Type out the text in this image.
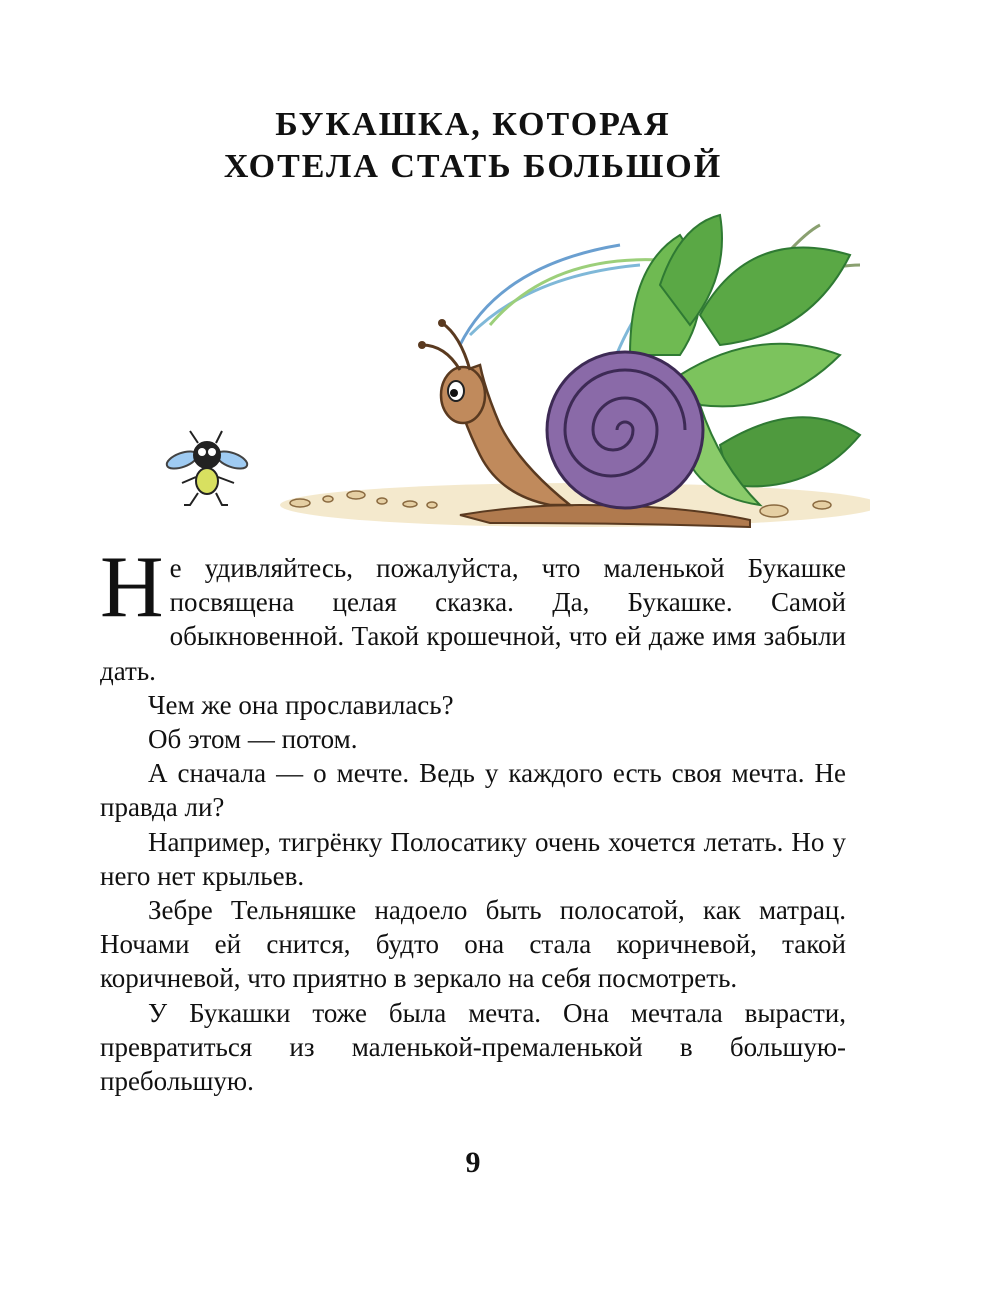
БУКАШКА, КОТОРАЯ
ХОТЕЛА СТАТЬ БОЛЬШОЙ

Не удивляйтесь, пожалуйста, что маленькой Букашке посвящена целая сказка. Да, Букашке. Самой обыкновенной. Такой крошечной, что ей даже имя забыли дать.

Чем же она прославилась?

Об этом — потом.

А сначала — о мечте. Ведь у каждого есть своя мечта. Не правда ли?

Например, тигрёнку Полосатику очень хочется летать. Но у него нет крыльев.

Зебре Тельняшке надоело быть полосатой, как матрац. Ночами ей снится, будто она стала коричневой, такой коричневой, что приятно в зеркало на себя посмотреть.

У Букашки тоже была мечта. Она мечтала вырасти, превратиться из маленькой-премаленькой в большую-пребольшую.

9
